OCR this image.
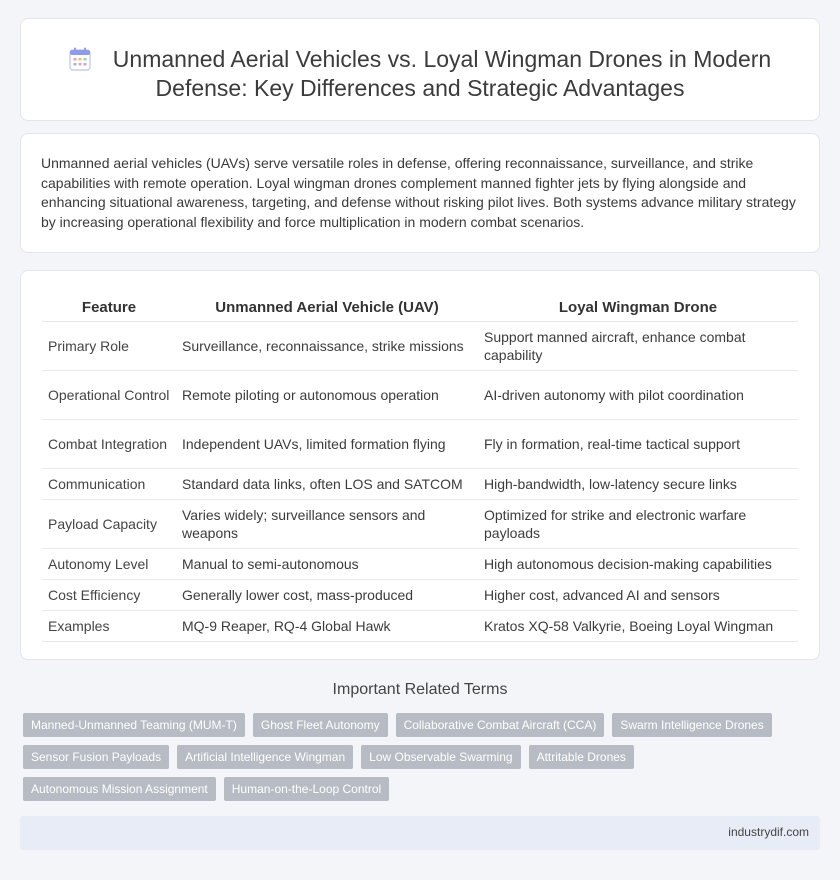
Unmanned Aerial Vehicles vs. Loyal Wingman Drones in Modern
Defense: Key Differences and Strategic Advantages

Unmanned aerial vehicles (UAVs) serve versatile roles in defense, offering reconnaissance, surveillance, and strike capabilities with remote operation. Loyal wingman drones complement manned fighter jets by flying alongside and enhancing situational awareness, targeting, and defense without risking pilot lives. Both systems advance military strategy by increasing operational flexibility and force multiplication in modern combat scenarios.

Feature	Unmanned Aerial Vehicle (UAV)	Loyal Wingman Drone
Primary Role	Surveillance, reconnaissance, strike missions	Support manned aircraft, enhance combat capability
Operational Control	Remote piloting or autonomous operation	AI-driven autonomy with pilot coordination
Combat Integration	Independent UAVs, limited formation flying	Fly in formation, real-time tactical support
Communication	Standard data links, often LOS and SATCOM	High-bandwidth, low-latency secure links
Payload Capacity	Varies widely; surveillance sensors and weapons	Optimized for strike and electronic warfare payloads
Autonomy Level	Manual to semi-autonomous	High autonomous decision-making capabilities
Cost Efficiency	Generally lower cost, mass-produced	Higher cost, advanced AI and sensors
Examples	MQ-9 Reaper, RQ-4 Global Hawk	Kratos XQ-58 Valkyrie, Boeing Loyal Wingman
Important Related Terms
Manned-Unmanned Teaming (MUM-T)	Ghost Fleet Autonomy	Collaborative Combat Aircraft (CCA)	Swarm Intelligence Drones
Sensor Fusion Payloads	Artificial Intelligence Wingman	Low Observable Swarming	Attritable Drones
Autonomous Mission Assignment	Human-on-the-Loop Control
industrydif.com
